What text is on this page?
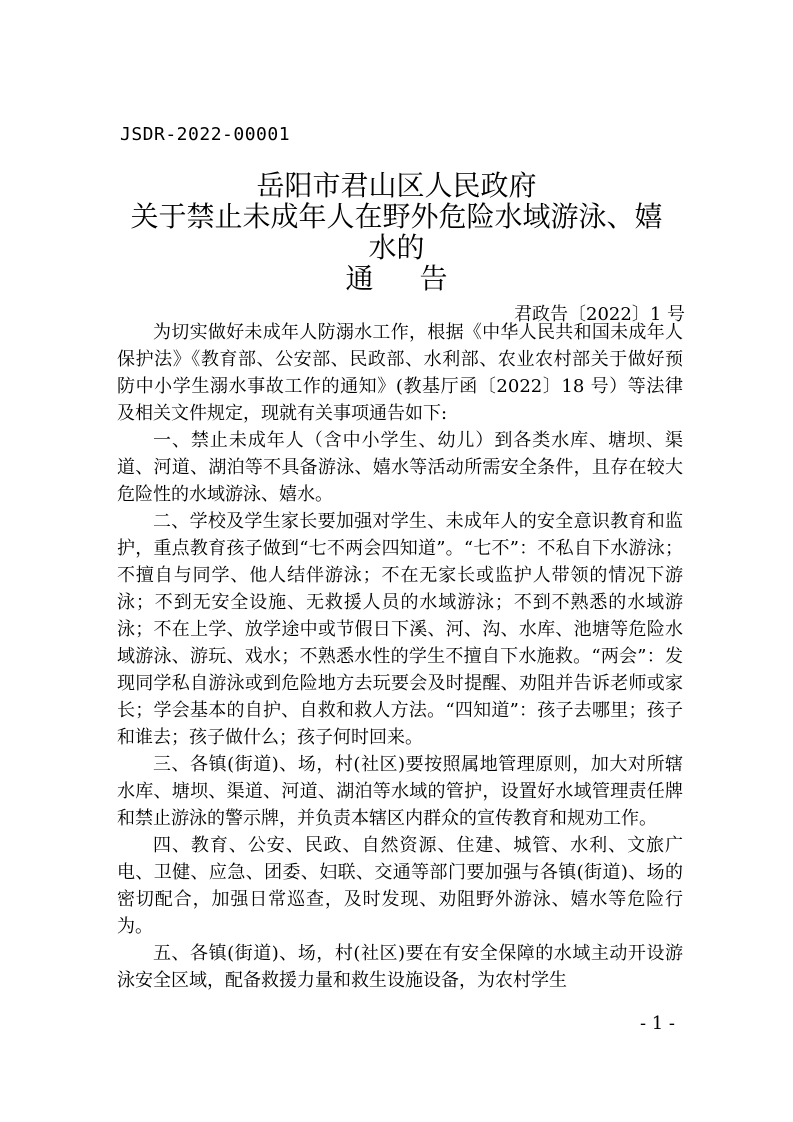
JSDR-2022-00001
岳阳市君山区人民政府
关于禁止未成年人在野外危险水域游泳、嬉
水的
通告
君政告〔2022〕1 号

为切实做好未成年人防溺水工作，根据《中华人民共和国未成年人保护法》《教育部、公安部、民政部、水利部、农业农村部关于做好预防中小学生溺水事故工作的通知》(教基厅函〔2022〕18 号）等法律及相关文件规定，现就有关事项通告如下:

一、禁止未成年人（含中小学生、幼儿）到各类水库、塘坝、渠道、河道、湖泊等不具备游泳、嬉水等活动所需安全条件，且存在较大危险性的水域游泳、嬉水。

二、学校及学生家长要加强对学生、未成年人的安全意识教育和监护，重点教育孩子做到“七不两会四知道”。“七不”：不私自下水游泳；不擅自与同学、他人结伴游泳；不在无家长或监护人带领的情况下游泳；不到无安全设施、无救援人员的水域游泳；不到不熟悉的水域游泳；不在上学、放学途中或节假日下溪、河、沟、水库、池塘等危险水域游泳、游玩、戏水；不熟悉水性的学生不擅自下水施救。“两会”：发现同学私自游泳或到危险地方去玩要会及时提醒、劝阻并告诉老师或家长；学会基本的自护、自救和救人方法。“四知道”：孩子去哪里；孩子和谁去；孩子做什么；孩子何时回来。

三、各镇(街道)、场，村(社区)要按照属地管理原则，加大对所辖水库、塘坝、渠道、河道、湖泊等水域的管护，设置好水域管理责任牌和禁止游泳的警示牌，并负责本辖区内群众的宣传教育和规劝工作。

四、教育、公安、民政、自然资源、住建、城管、水利、文旅广电、卫健、应急、团委、妇联、交通等部门要加强与各镇(街道)、场的密切配合，加强日常巡查，及时发现、劝阻野外游泳、嬉水等危险行为。

五、各镇(街道)、场，村(社区)要在有安全保障的水域主动开设游泳安全区域，配备救援力量和救生设施设备，为农村学生

- 1 -
